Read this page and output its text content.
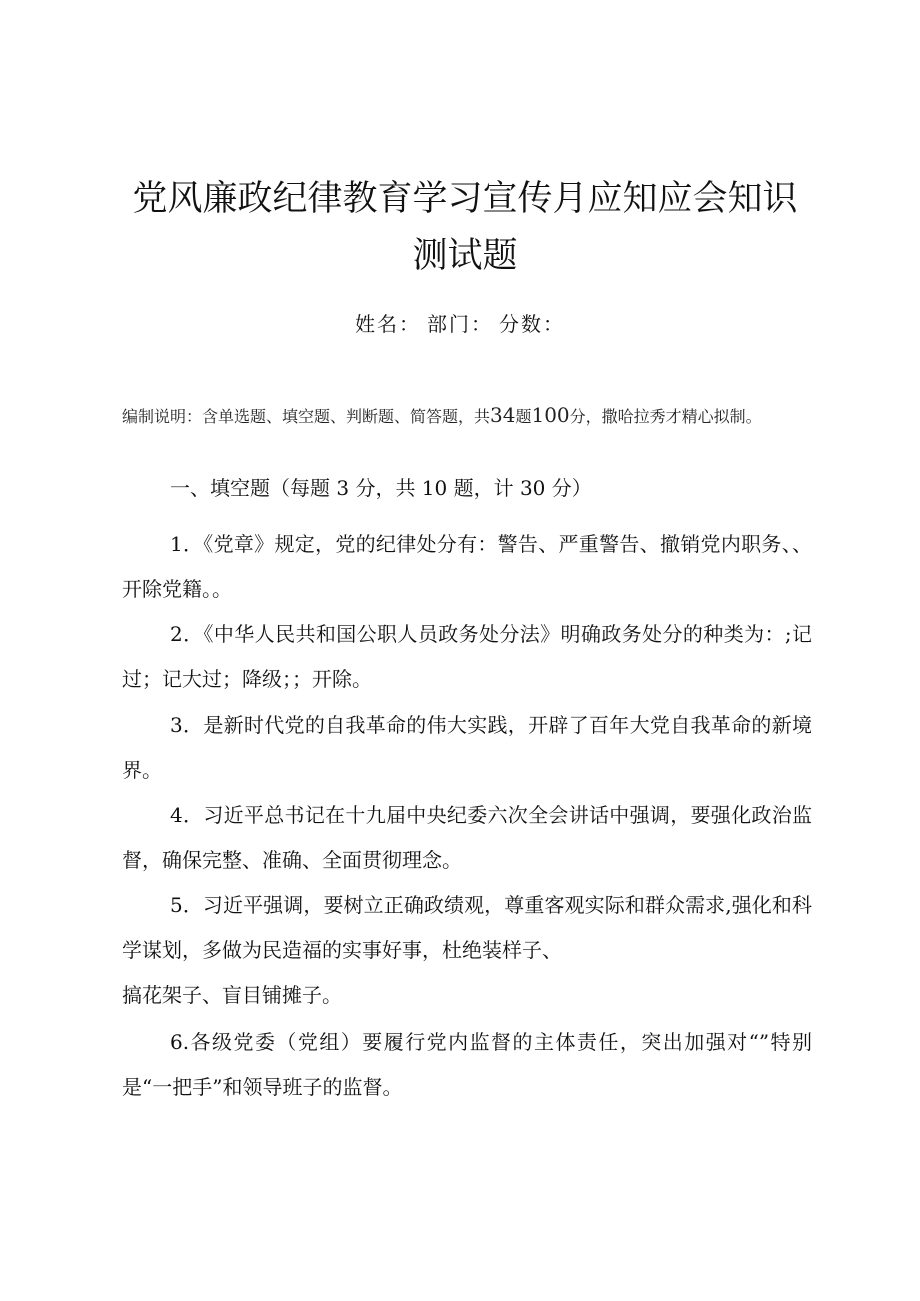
党风廉政纪律教育学习宣传月应知应会知识
测试题
姓名： 部门： 分数：
编制说明：含单选题、填空题、判断题、简答题，共34题100分，撒哈拉秀才精心拟制。
一、填空题（每题 3 分，共 10 题，计 30 分）
1．《党章》规定，党的纪律处分有：警告、严重警告、撤销党内职务、、开除党籍。。
2．《中华人民共和国公职人员政务处分法》明确政务处分的种类为：;记过；记大过；降级；；开除。
3．是新时代党的自我革命的伟大实践，开辟了百年大党自我革命的新境界。
4．习近平总书记在十九届中央纪委六次全会讲话中强调，要强化政治监督，确保完整、准确、全面贯彻理念。
5．习近平强调，要树立正确政绩观，尊重客观实际和群众需求,强化和科学谋划，多做为民造福的实事好事，杜绝装样子、
搞花架子、盲目铺摊子。
6.各级党委（党组）要履行党内监督的主体责任，突出加强对“”特别是“一把手”和领导班子的监督。
